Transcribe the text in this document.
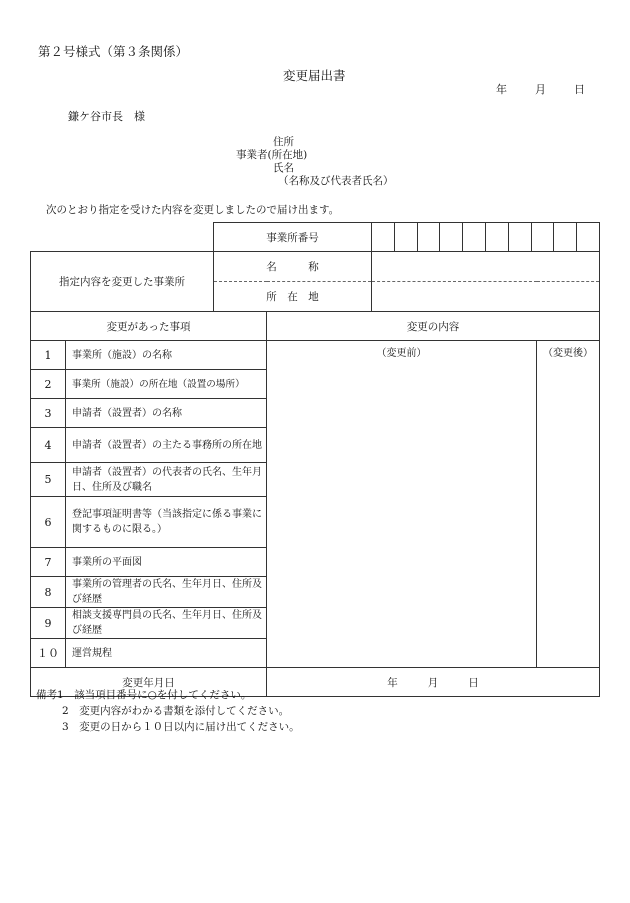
第２号様式（第３条関係）
変更届出書
年	月	日
鎌ケ谷市長　様
住所
事業者(所在地)
氏名
（名称及び代表者氏名）
次のとおり指定を受けた内容を変更しましたので届け出ます。
		事業所番号			

指定内容を変更した事業所		名　　　称			
		所　在　地			
変更があった事項			変更の内容		
1	事業所（施設）の名称		（変更前）		（変更後）
2	事業所（施設）の所在地（設置の場所）				
3	申請者（設置者）の名称				
4	申請者（設置者）の主たる事務所の所在地				
5	申請者（設置者）の代表者の氏名、生年月日、住所及び職名				
6	登記事項証明書等（当該指定に係る事業に関するものに限る。）				
7	事業所の平面図				
8	事業所の管理者の氏名、生年月日、住所及び経歴				
9	相談支援専門員の氏名、生年月日、住所及び経歴				
１０	運営規程				
変更年月日			年 月 日		
備考1　 該当項目番号に○を付してください。
2　 変更内容がわかる書類を添付してください。
3　 変更の日から１０日以内に届け出てください。
